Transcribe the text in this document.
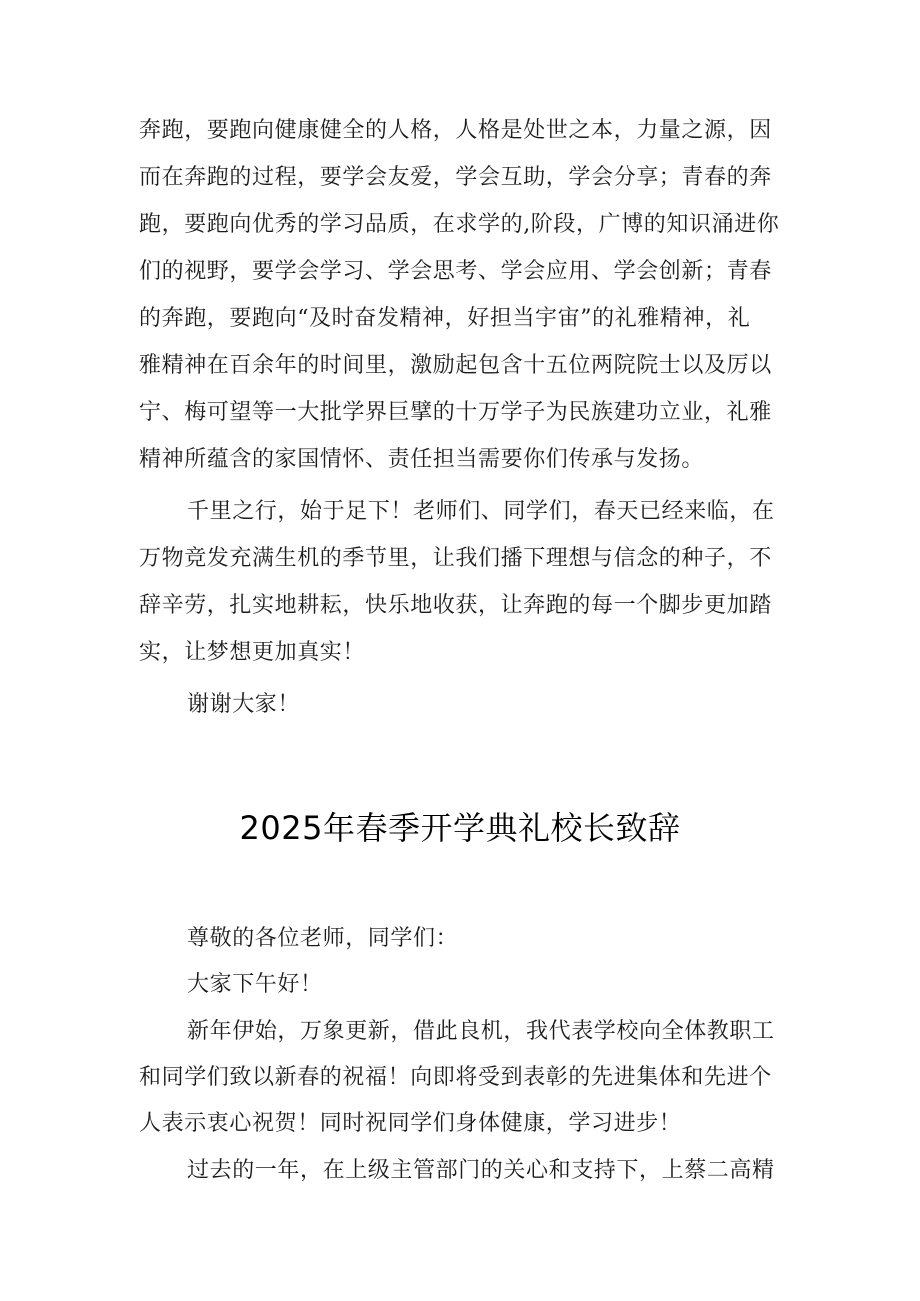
奔跑，要跑向健康健全的人格，人格是处世之本，力量之源，因
而在奔跑的过程，要学会友爱，学会互助，学会分享；青春的奔
跑，要跑向优秀的学习品质，在求学的,阶段，广博的知识涌进你
们的视野，要学会学习、学会思考、学会应用、学会创新；青春
的奔跑，要跑向“及时奋发精神，好担当宇宙”的礼雅精神，礼
雅精神在百余年的时间里，激励起包含十五位两院院士以及厉以
宁、梅可望等一大批学界巨擘的十万学子为民族建功立业，礼雅
精神所蕴含的家国情怀、责任担当需要你们传承与发扬。
千里之行，始于足下！老师们、同学们，春天已经来临，在
万物竞发充满生机的季节里，让我们播下理想与信念的种子，不
辞辛劳，扎实地耕耘，快乐地收获，让奔跑的每一个脚步更加踏
实，让梦想更加真实！
谢谢大家！
2025年春季开学典礼校长致辞
尊敬的各位老师，同学们：
大家下午好！
新年伊始，万象更新，借此良机，我代表学校向全体教职工
和同学们致以新春的祝福！向即将受到表彰的先进集体和先进个
人表示衷心祝贺！同时祝同学们身体健康，学习进步！
过去的一年，在上级主管部门的关心和支持下，上蔡二高精
